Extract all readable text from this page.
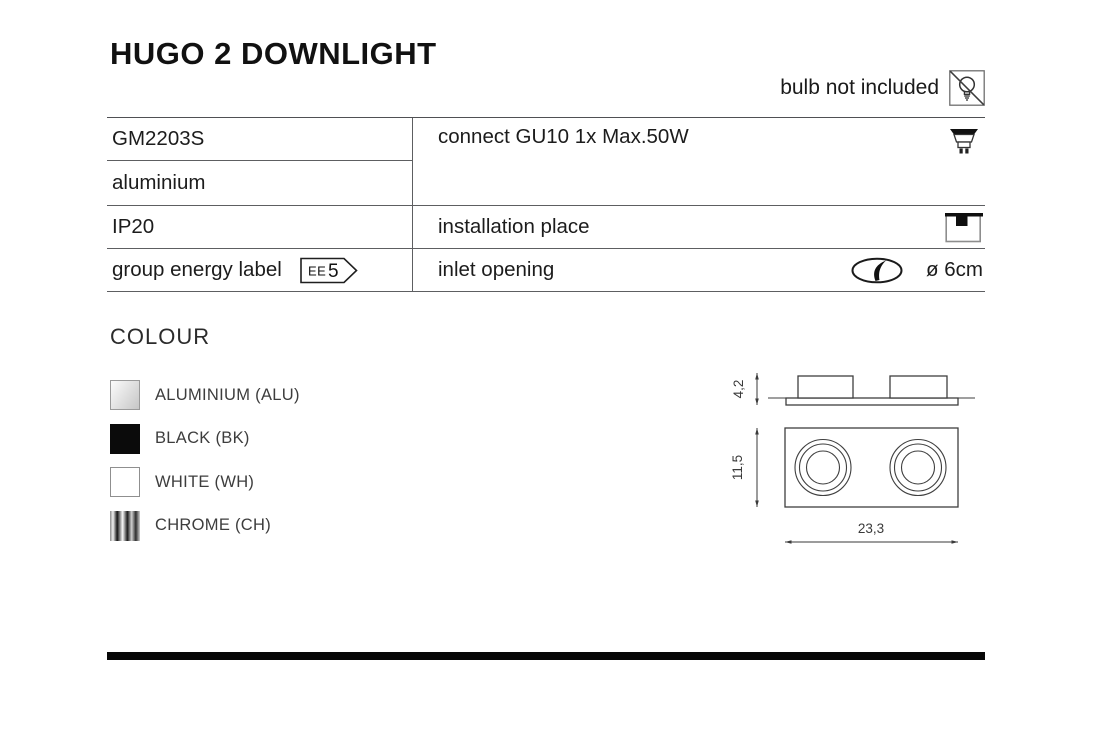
HUGO 2 DOWNLIGHT
bulb not included
GM2203S
aluminium
IP20
group energy label EE 5
connect GU10 1x Max.50W
installation place
inlet opening	ø 6cm
COLOUR
ALUMINIUM (ALU)
BLACK (BK)
WHITE (WH)
CHROME (CH)
4,2
11,5
23,3
